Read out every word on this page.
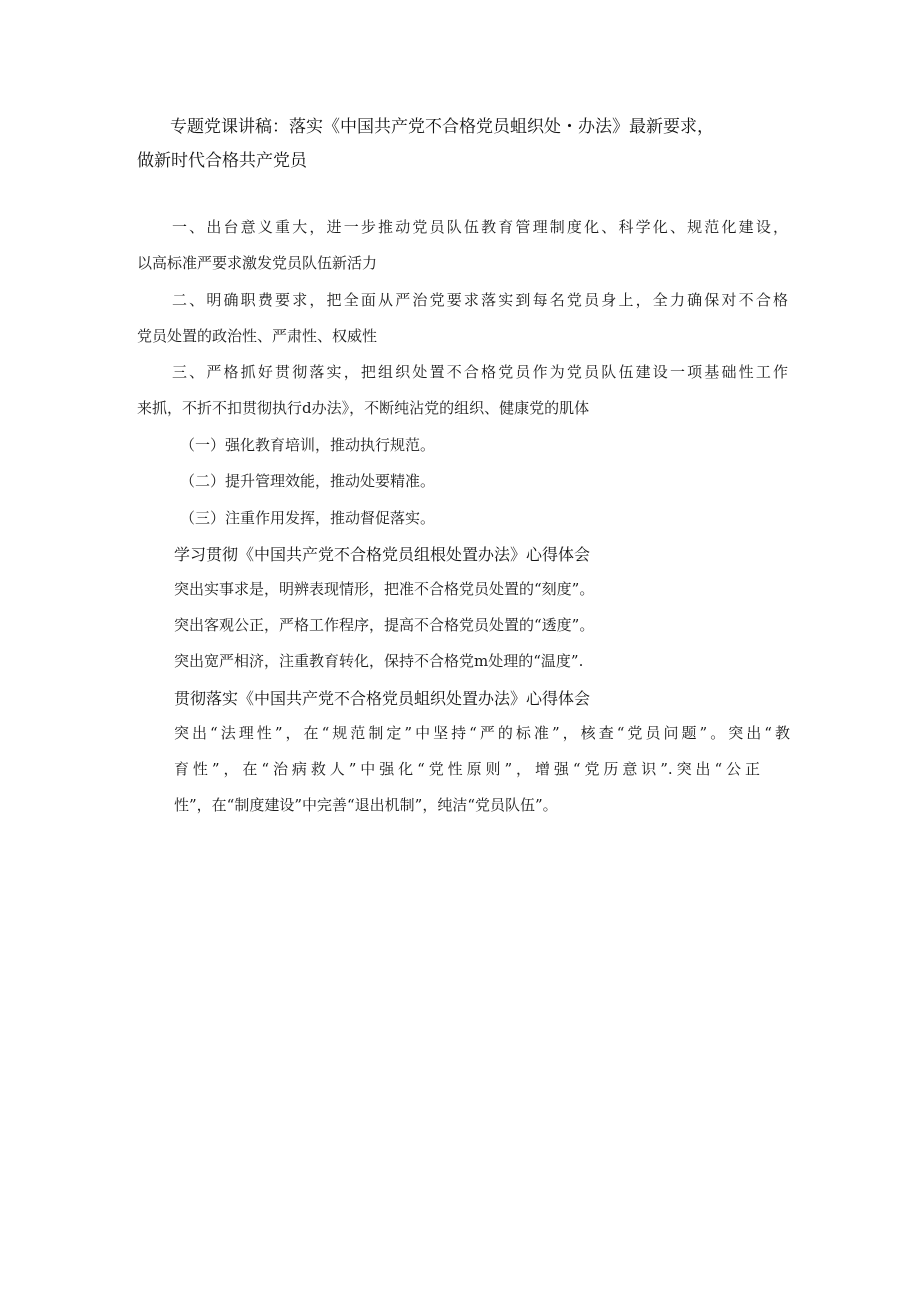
专题党课讲稿：落实《中国共产党不合格党员蛆织处・办法》最新要求，

做新时代合格共产党员

一、出台意义重大，进一步推动党员队伍教育管理制度化、科学化、规范化建设，

以高标准严要求激发党员队伍新活力

二、明确职费要求，把全面从严治党要求落实到每名党员身上，全力确保对不合格

党员处置的政治性、严肃性、权威性

三、严格抓好贯彻落实，把组织处置不合格党员作为党员队伍建设一项基础性工作

来抓，不折不扣贯彻执行d办法》，不断纯沾党的组织、健康党的肌体

（一）强化教育培训，推动执行规范。

（二）提升管理效能，推动处要精准。

（三）注重作用发挥，推动督促落实。

学习贯彻《中国共产党不合格党员组根处置办法》心得体会

突出实事求是，明辨表现情形，把准不合格党员处置的“刻度”。

突出客观公正，严格工作程序，提高不合格党员处置的“透度”。

突出宽严相济，注重教育转化，保持不合格党m处理的“温度”.

贯彻落实《中国共产党不合格党员蛆织处置办法》心得体会

突出“法理性”，在“规范制定”中坚持“严的标准”，核查“党员问题”。突出“教

育性”，在“治病救人”中强化“党性原则”，增强“党历意识”.突出“公正

性”，在“制度建设”中完善“退出机制”，纯洁“党员队伍”。
